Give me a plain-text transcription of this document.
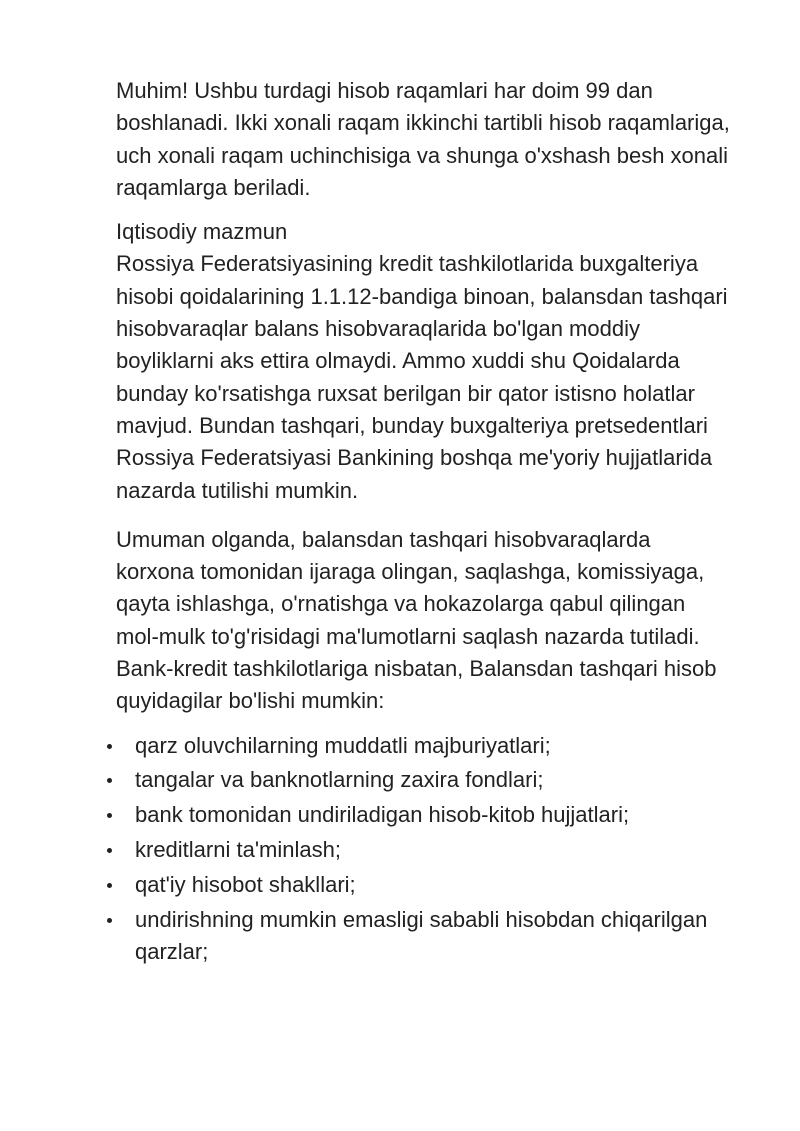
Muhim! Ushbu turdagi hisob raqamlari har doim 99 dan boshlanadi. Ikki xonali raqam ikkinchi tartibli hisob raqamlariga, uch xonali raqam uchinchisiga va shunga o'xshash besh xonali raqamlarga beriladi.

Iqtisodiy mazmun
Rossiya Federatsiyasining kredit tashkilotlarida buxgalteriya hisobi qoidalarining 1.1.12-bandiga binoan, balansdan tashqari hisobvaraqlar balans hisobvaraqlarida bo'lgan moddiy boyliklarni aks ettira olmaydi. Ammo xuddi shu Qoidalarda bunday ko'rsatishga ruxsat berilgan bir qator istisno holatlar mavjud. Bundan tashqari, bunday buxgalteriya pretsedentlari Rossiya Federatsiyasi Bankining boshqa me'yoriy hujjatlarida nazarda tutilishi mumkin.

Umuman olganda, balansdan tashqari hisobvaraqlarda korxona tomonidan ijaraga olingan, saqlashga, komissiyaga, qayta ishlashga, o'rnatishga va hokazolarga qabul qilingan mol-mulk to'g'risidagi ma'lumotlarni saqlash nazarda tutiladi. Bank-kredit tashkilotlariga nisbatan, Balansdan tashqari hisob quyidagilar bo'lishi mumkin:

qarz oluvchilarning muddatli majburiyatlari;
tangalar va banknotlarning zaxira fondlari;
bank tomonidan undiriladigan hisob-kitob hujjatlari;
kreditlarni ta'minlash;
qat'iy hisobot shakllari;
undirishning mumkin emasligi sababli hisobdan chiqarilgan qarzlar;
